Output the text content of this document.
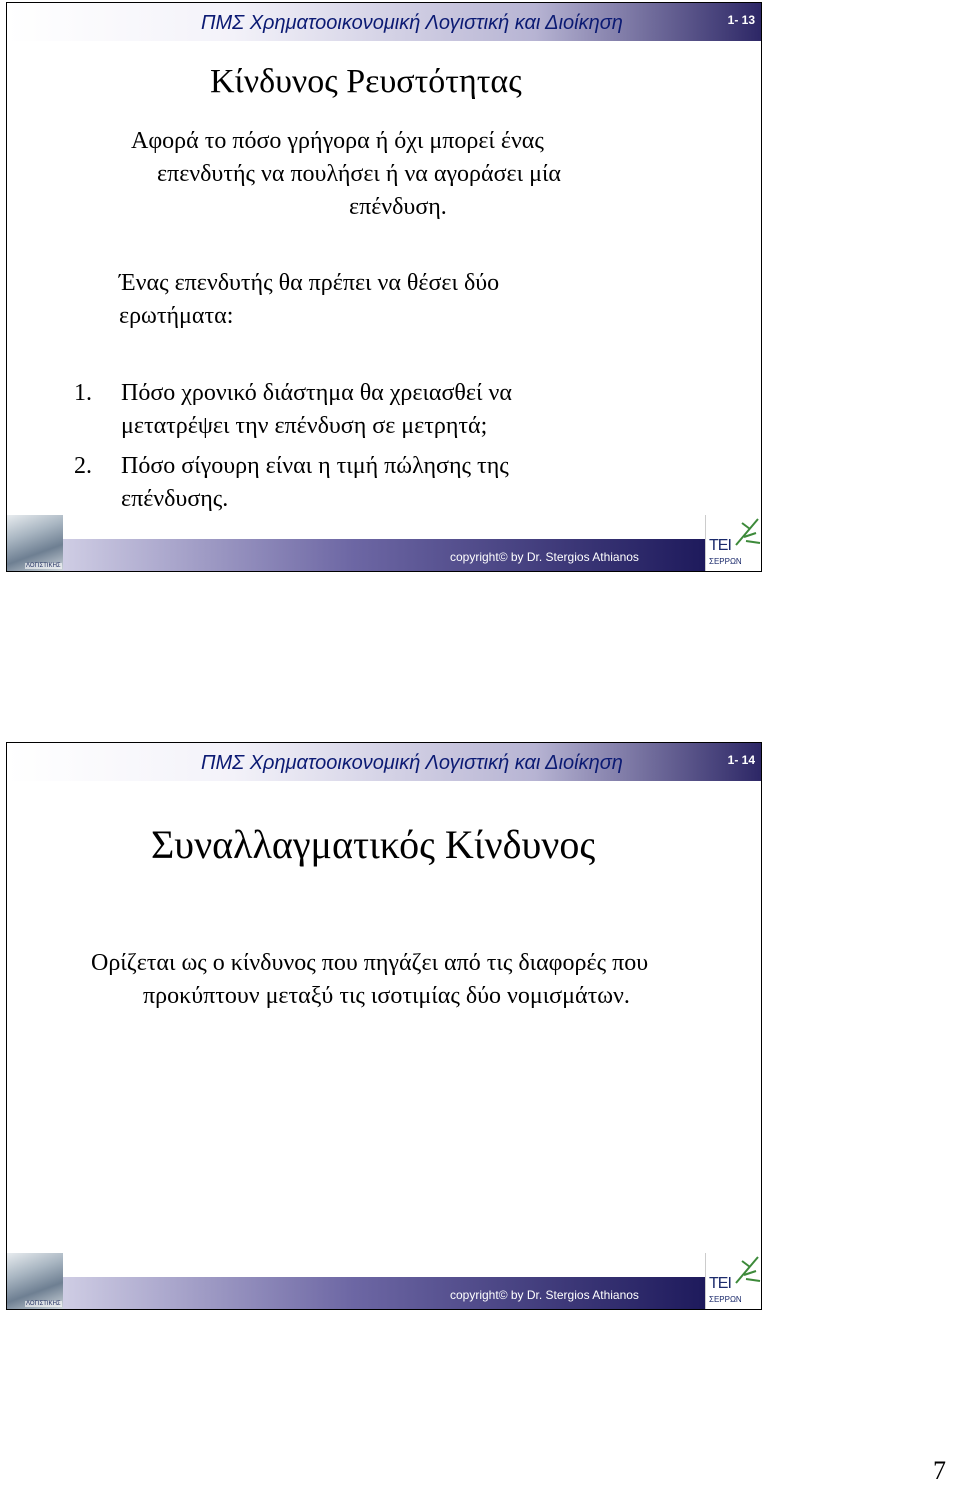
ΠΜΣ Χρηματοοικονομική Λογιστική και Διοίκηση	1- 13
Κίνδυνος Ρευστότητας
Αφορά το πόσο γρήγορα ή όχι μπορεί ένας
επενδυτής να πουλήσει ή να αγοράσει μία
επένδυση.
Ένας επενδυτής θα πρέπει να θέσει δύο
ερωτήματα:
1. Πόσο χρονικό διάστημα θα χρειασθεί να
μετατρέψει την επένδυση σε μετρητά;
2. Πόσο σίγουρη είναι η τιμή πώλησης της
επένδυσης.
copyright© by Dr. Stergios Athianos
ΛΟΓΙΣΤΙΚΗΣ
ΤΕΙ
ΣΕΡΡΩΝ
ΠΜΣ Χρηματοοικονομική Λογιστική και Διοίκηση	1- 14
Συναλλαγματικός Κίνδυνος
Ορίζεται ως ο κίνδυνος που πηγάζει από τις διαφορές που
προκύπτουν μεταξύ τις ισοτιμίας δύο νομισμάτων.
copyright© by Dr. Stergios Athianos
ΛΟΓΙΣΤΙΚΗΣ
ΤΕΙ
ΣΕΡΡΩΝ
7
